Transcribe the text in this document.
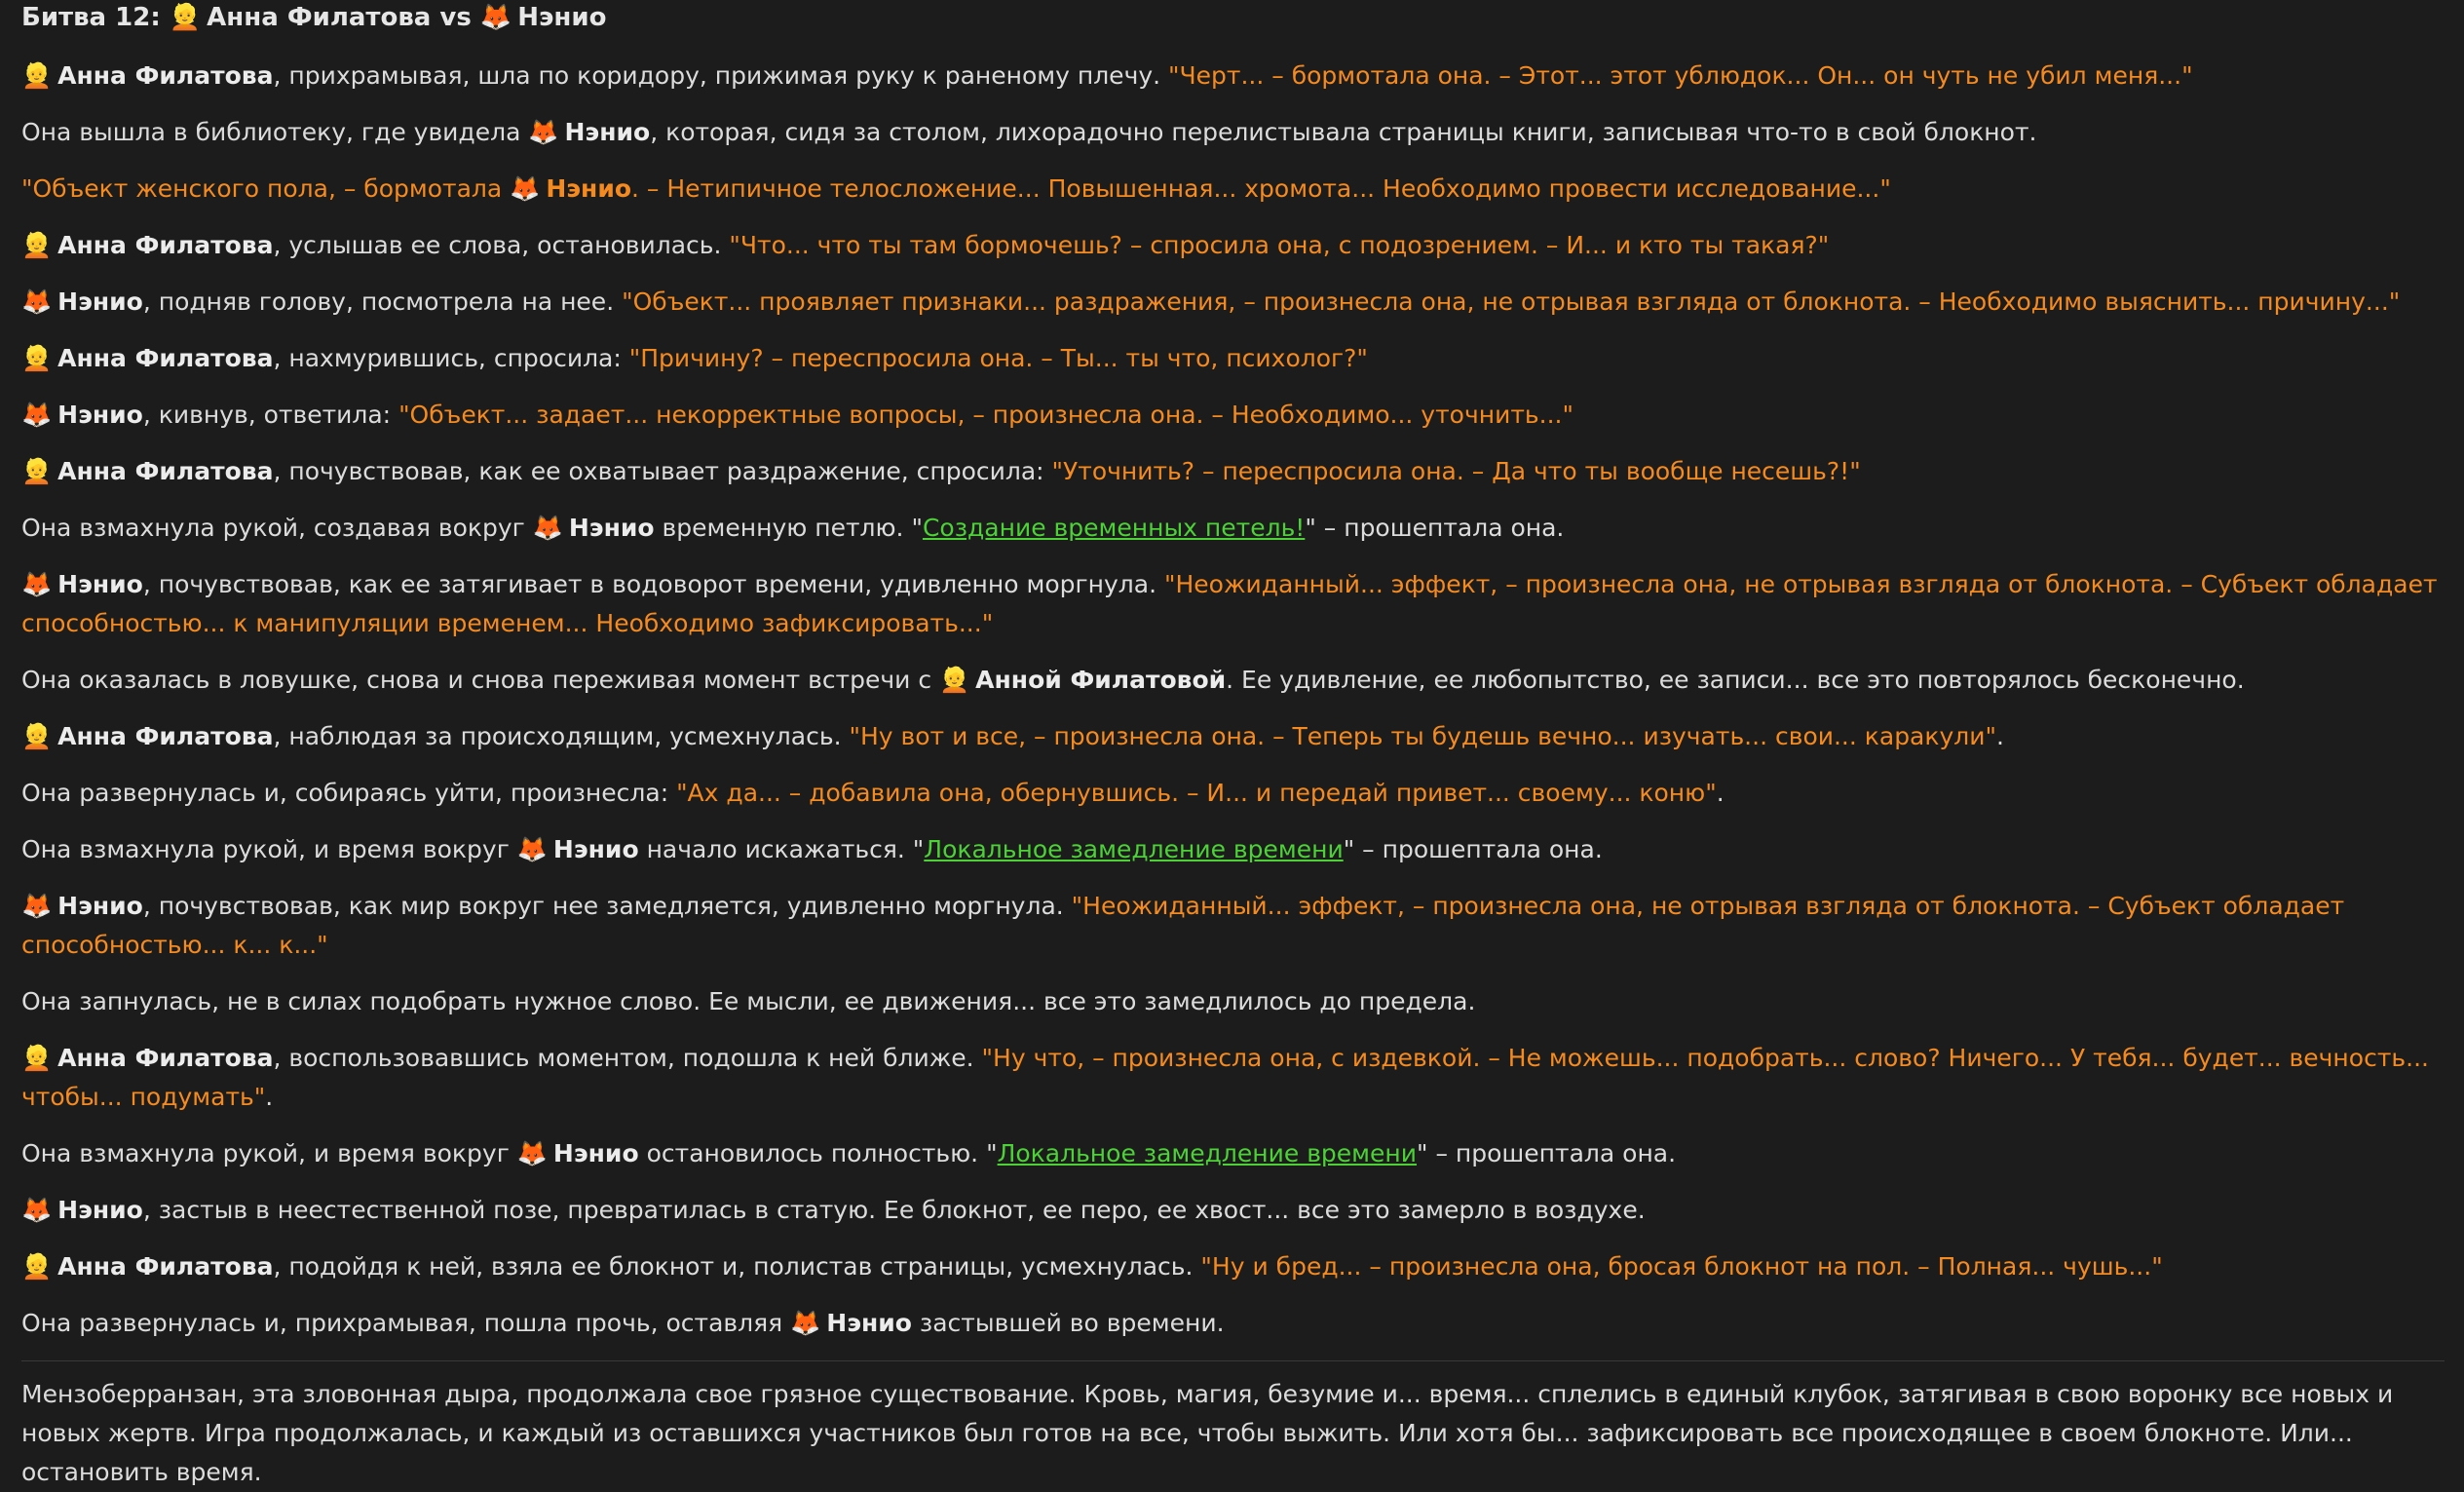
Битва 12: 👱 Анна Филатова vs 🦊 Нэнио
👱 Анна Филатова, прихрамывая, шла по коридору, прижимая руку к раненому плечу. "Черт... – бормотала она. – Этот... этот ублюдок... Он... он чуть не убил меня..."
Она вышла в библиотеку, где увидела 🦊 Нэнио, которая, сидя за столом, лихорадочно перелистывала страницы книги, записывая что-то в свой блокнот.
"Объект женского пола, – бормотала 🦊 Нэнио. – Нетипичное телосложение... Повышенная... хромота... Необходимо провести исследование..."
👱 Анна Филатова, услышав ее слова, остановилась. "Что... что ты там бормочешь? – спросила она, с подозрением. – И... и кто ты такая?"
🦊 Нэнио, подняв голову, посмотрела на нее. "Объект... проявляет признаки... раздражения, – произнесла она, не отрывая взгляда от блокнота. – Необходимо выяснить... причину..."
👱 Анна Филатова, нахмурившись, спросила: "Причину? – переспросила она. – Ты... ты что, психолог?"
🦊 Нэнио, кивнув, ответила: "Объект... задает... некорректные вопросы, – произнесла она. – Необходимо... уточнить..."
👱 Анна Филатова, почувствовав, как ее охватывает раздражение, спросила: "Уточнить? – переспросила она. – Да что ты вообще несешь?!"
Она взмахнула рукой, создавая вокруг 🦊 Нэнио временную петлю. "Создание временных петель!" – прошептала она.
🦊 Нэнио, почувствовав, как ее затягивает в водоворот времени, удивленно моргнула. "Неожиданный... эффект, – произнесла она, не отрывая взгляда от блокнота. – Субъект обладает способностью... к манипуляции временем... Необходимо зафиксировать..."
Она оказалась в ловушке, снова и снова переживая момент встречи с 👱 Анной Филатовой. Ее удивление, ее любопытство, ее записи... все это повторялось бесконечно.
👱 Анна Филатова, наблюдая за происходящим, усмехнулась. "Ну вот и все, – произнесла она. – Теперь ты будешь вечно... изучать... свои... каракули".
Она развернулась и, собираясь уйти, произнесла: "Ах да... – добавила она, обернувшись. – И... и передай привет... своему... коню".
Она взмахнула рукой, и время вокруг 🦊 Нэнио начало искажаться. "Локальное замедление времени" – прошептала она.
🦊 Нэнио, почувствовав, как мир вокруг нее замедляется, удивленно моргнула. "Неожиданный... эффект, – произнесла она, не отрывая взгляда от блокнота. – Субъект обладает способностью... к... к..."
Она запнулась, не в силах подобрать нужное слово. Ее мысли, ее движения... все это замедлилось до предела.
👱 Анна Филатова, воспользовавшись моментом, подошла к ней ближе. "Ну что, – произнесла она, с издевкой. – Не можешь... подобрать... слово? Ничего... У тебя... будет... вечность... чтобы... подумать".
Она взмахнула рукой, и время вокруг 🦊 Нэнио остановилось полностью. "Локальное замедление времени" – прошептала она.
🦊 Нэнио, застыв в неестественной позе, превратилась в статую. Ее блокнот, ее перо, ее хвост... все это замерло в воздухе.
👱 Анна Филатова, подойдя к ней, взяла ее блокнот и, полистав страницы, усмехнулась. "Ну и бред... – произнесла она, бросая блокнот на пол. – Полная... чушь..."
Она развернулась и, прихрамывая, пошла прочь, оставляя 🦊 Нэнио застывшей во времени.
Мензоберранзан, эта зловонная дыра, продолжала свое грязное существование. Кровь, магия, безумие и... время... сплелись в единый клубок, затягивая в свою воронку все новых и новых жертв. Игра продолжалась, и каждый из оставшихся участников был готов на все, чтобы выжить. Или хотя бы... зафиксировать все происходящее в своем блокноте. Или... остановить время.
